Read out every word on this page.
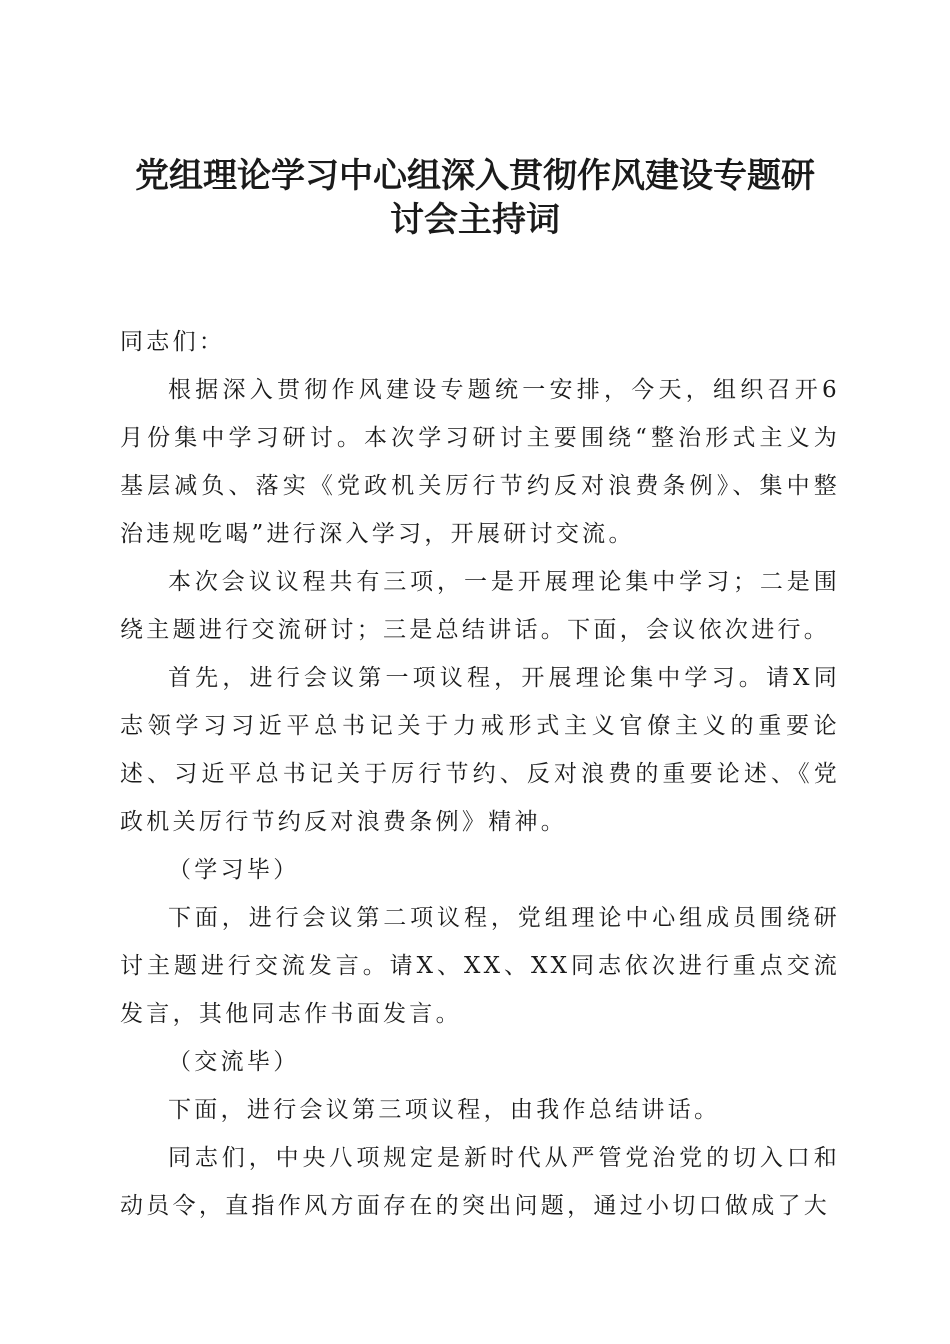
党组理论学习中心组深入贯彻作风建设专题研
讨会主持词

同志们：

根据深入贯彻作风建设专题统一安排，今天，组织召开6月份集中学习研讨。本次学习研讨主要围绕“整治形式主义为基层减负、落实《党政机关厉行节约反对浪费条例》、集中整治违规吃喝”进行深入学习，开展研讨交流。

本次会议议程共有三项，一是开展理论集中学习；二是围绕主题进行交流研讨；三是总结讲话。下面，会议依次进行。

首先，进行会议第一项议程，开展理论集中学习。请X同志领学习习近平总书记关于力戒形式主义官僚主义的重要论述、习近平总书记关于厉行节约、反对浪费的重要论述、《党政机关厉行节约反对浪费条例》精神。

（学习毕）

下面，进行会议第二项议程，党组理论中心组成员围绕研讨主题进行交流发言。请X、XX、XX同志依次进行重点交流发言，其他同志作书面发言。

（交流毕）

下面，进行会议第三项议程，由我作总结讲话。

同志们，中央八项规定是新时代从严管党治党的切入口和动员令，直指作风方面存在的突出问题，通过小切口做成了大
